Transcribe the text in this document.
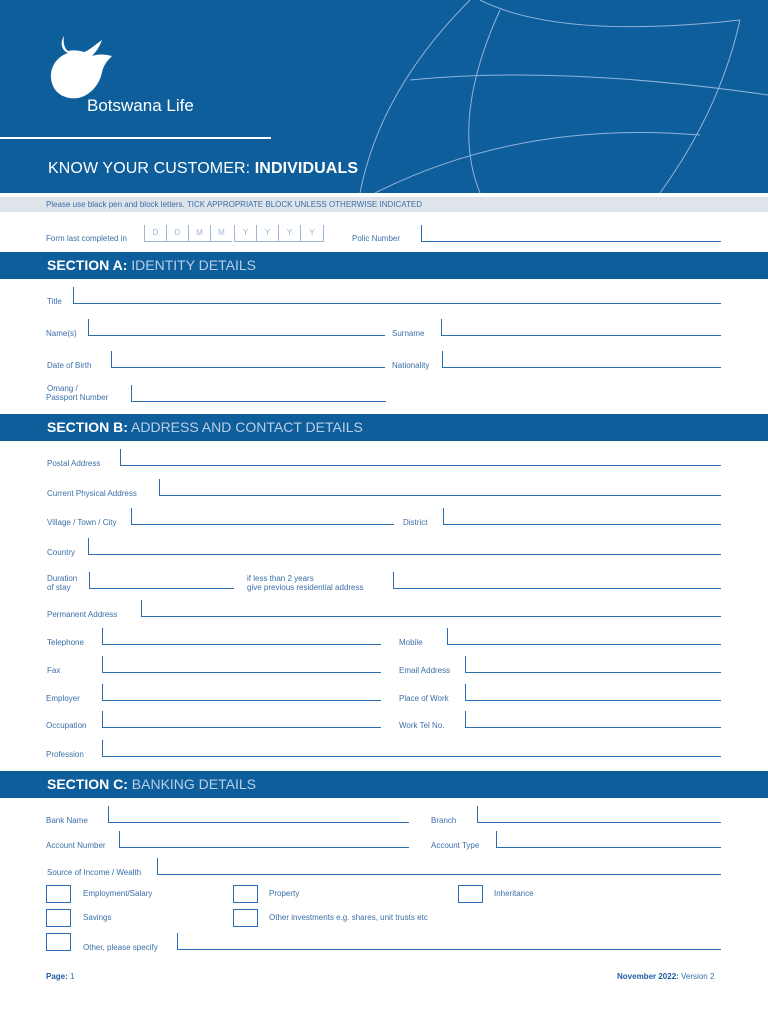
Botswana Life
KNOW YOUR CUSTOMER: INDIVIDUALS
Please use black pen and block letters. TICK APPROPRIATE BLOCK UNLESS OTHERWISE INDICATED
Form last completed in
D	D	M	M	Y	Y	Y	Y
Polic Number
SECTION A: IDENTITY DETAILS
Title
Name(s)	Surname
Date of Birth	Nationality
Omang /
Passport Number
SECTION B: ADDRESS AND CONTACT DETAILS
Postal Address
Current Physical Address
Village / Town / City	District
Country
Duration
of stay
if less than 2 years
give previous residential address
Permanent Address
Telephone	Mobile
Fax	Email Address
Employer	Place of Work
Occupation	Work Tel No.
Profession
SECTION C: BANKING DETAILS
Bank Name	Branch
Account Number	Account Type
Source of Income / Wealth
Employment/Salary	Property	Inheritance
Savings	Other investments e.g. shares, unit trusts etc
Other, please specify
Page: 1	November 2022: Version 2
